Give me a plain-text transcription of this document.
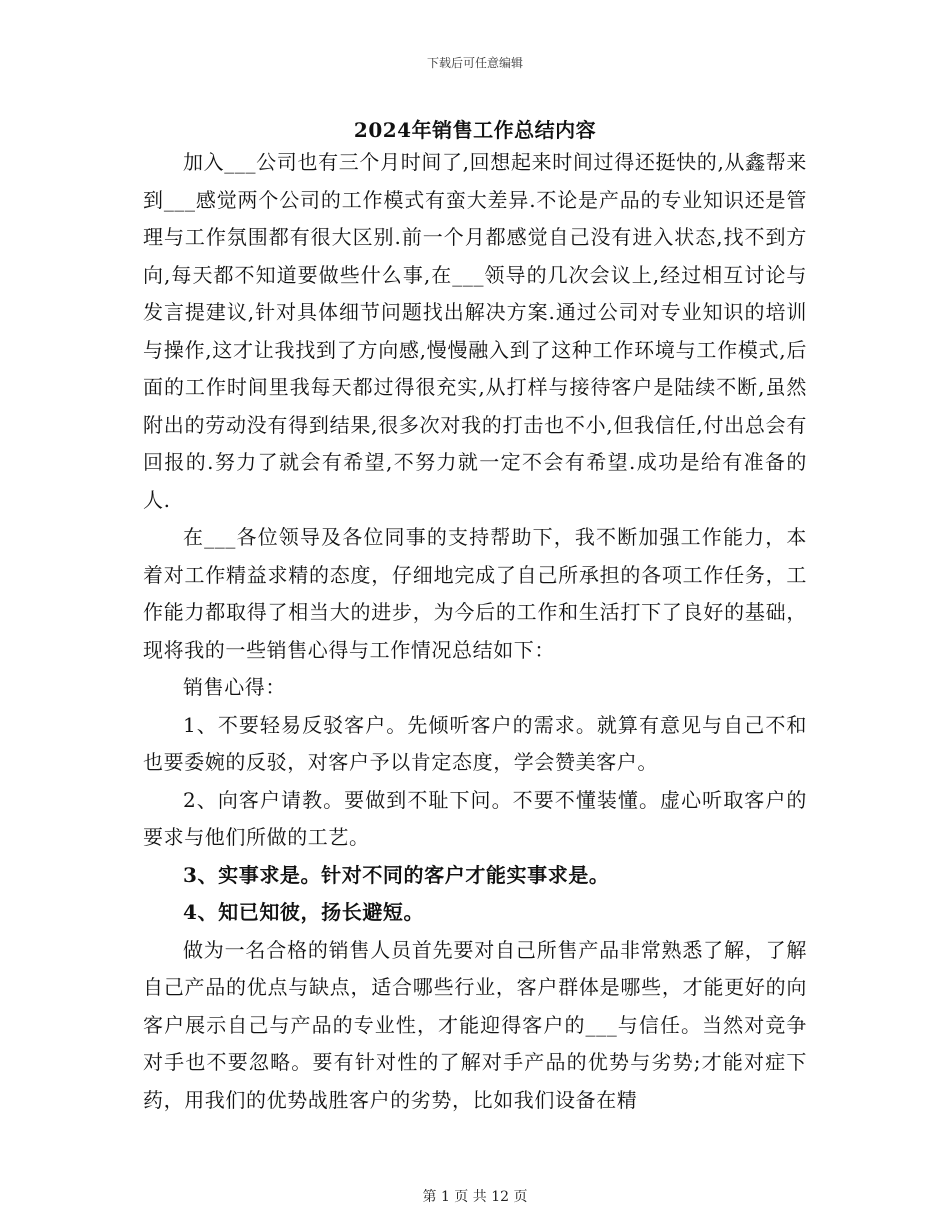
下载后可任意编辑
2024年销售工作总结内容

加入___公司也有三个月时间了,回想起来时间过得还挺快的,从鑫帮来到___感觉两个公司的工作模式有蛮大差异.不论是产品的专业知识还是管理与工作氛围都有很大区别.前一个月都感觉自己没有进入状态,找不到方向,每天都不知道要做些什么事,在___领导的几次会议上,经过相互讨论与发言提建议,针对具体细节问题找出解决方案.通过公司对专业知识的培训与操作,这才让我找到了方向感,慢慢融入到了这种工作环境与工作模式,后面的工作时间里我每天都过得很充实,从打样与接待客户是陆续不断,虽然附出的劳动没有得到结果,很多次对我的打击也不小,但我信任,付出总会有回报的.努力了就会有希望,不努力就一定不会有希望.成功是给有准备的人.

在___各位领导及各位同事的支持帮助下，我不断加强工作能力，本着对工作精益求精的态度，仔细地完成了自己所承担的各项工作任务，工作能力都取得了相当大的进步，为今后的工作和生活打下了良好的基础，现将我的一些销售心得与工作情况总结如下：

销售心得：

1、不要轻易反驳客户。先倾听客户的需求。就算有意见与自己不和也要委婉的反驳，对客户予以肯定态度，学会赞美客户。

2、向客户请教。要做到不耻下问。不要不懂装懂。虚心听取客户的要求与他们所做的工艺。

3、实事求是。针对不同的客户才能实事求是。

4、知已知彼，扬长避短。

做为一名合格的销售人员首先要对自己所售产品非常熟悉了解，了解自己产品的优点与缺点，适合哪些行业，客户群体是哪些，才能更好的向客户展示自己与产品的专业性，才能迎得客户的___与信任。当然对竞争对手也不要忽略。要有针对性的了解对手产品的优势与劣势;才能对症下药，用我们的优势战胜客户的劣势，比如我们设备在精

第 1 页 共 12 页
